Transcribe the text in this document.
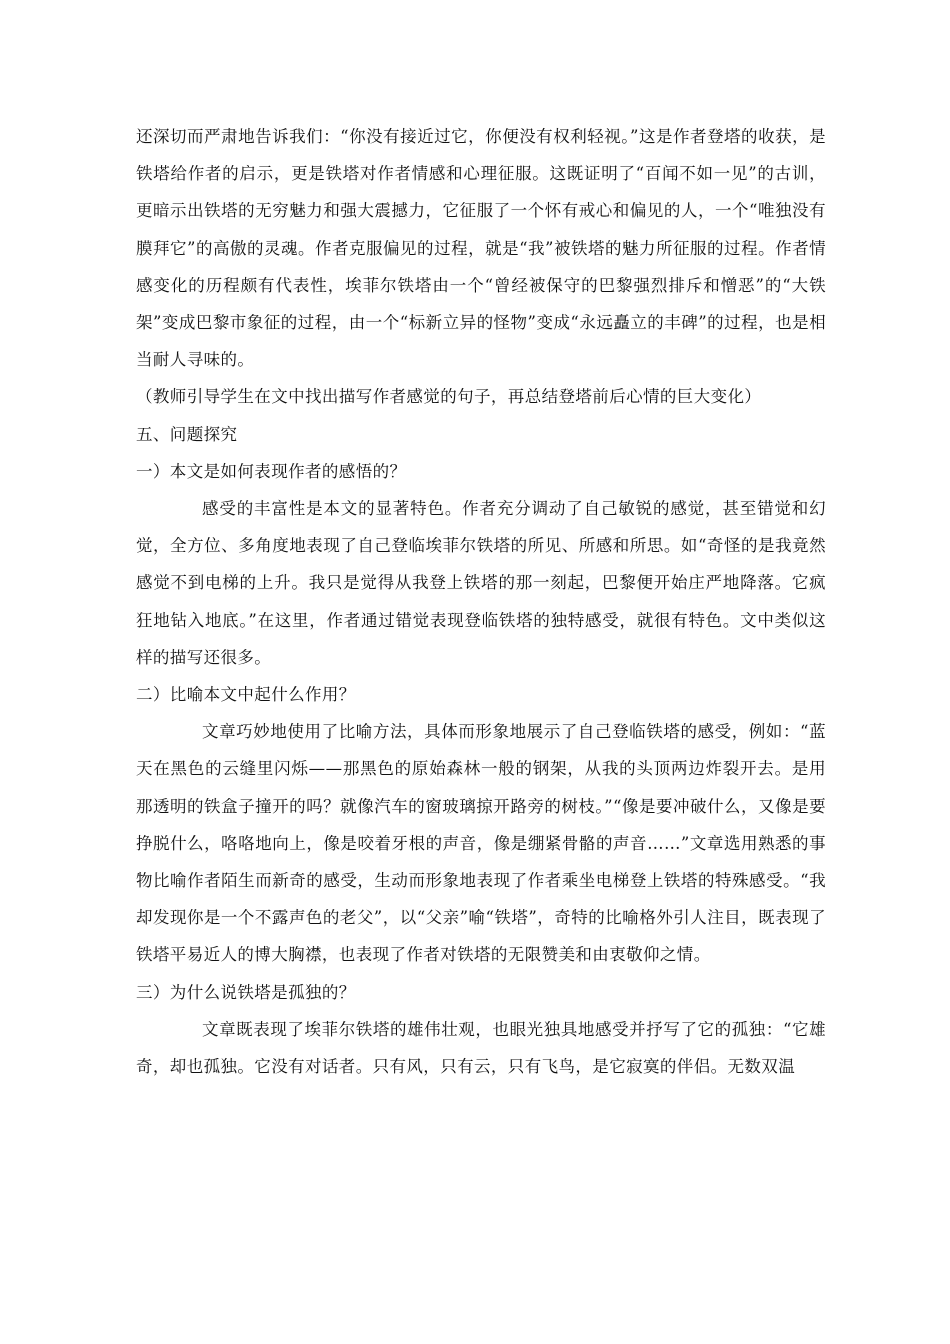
还深切而严肃地告诉我们：“你没有接近过它，你便没有权利轻视。”这是作者登塔的收获，是铁塔给作者的启示，更是铁塔对作者情感和心理征服。这既证明了“百闻不如一见”的古训，更暗示出铁塔的无穷魅力和强大震撼力，它征服了一个怀有戒心和偏见的人，一个“唯独没有膜拜它”的高傲的灵魂。作者克服偏见的过程，就是“我”被铁塔的魅力所征服的过程。作者情感变化的历程颇有代表性，埃菲尔铁塔由一个“曾经被保守的巴黎强烈排斥和憎恶”的“大铁架”变成巴黎市象征的过程，由一个“标新立异的怪物”变成“永远矗立的丰碑”的过程，也是相当耐人寻味的。

（教师引导学生在文中找出描写作者感觉的句子，再总结登塔前后心情的巨大变化）

五、问题探究

一）本文是如何表现作者的感悟的？

感受的丰富性是本文的显著特色。作者充分调动了自己敏锐的感觉，甚至错觉和幻觉，全方位、多角度地表现了自己登临埃菲尔铁塔的所见、所感和所思。如“奇怪的是我竟然感觉不到电梯的上升。我只是觉得从我登上铁塔的那一刻起，巴黎便开始庄严地降落。它疯狂地钻入地底。”在这里，作者通过错觉表现登临铁塔的独特感受，就很有特色。文中类似这样的描写还很多。

二）比喻本文中起什么作用？

文章巧妙地使用了比喻方法，具体而形象地展示了自己登临铁塔的感受，例如：“蓝天在黑色的云缝里闪烁——那黑色的原始森林一般的钢架，从我的头顶两边炸裂开去。是用那透明的铁盒子撞开的吗？就像汽车的窗玻璃掠开路旁的树枝。”“像是要冲破什么，又像是要挣脱什么，咯咯地向上，像是咬着牙根的声音，像是绷紧骨骼的声音……”文章选用熟悉的事物比喻作者陌生而新奇的感受，生动而形象地表现了作者乘坐电梯登上铁塔的特殊感受。“我却发现你是一个不露声色的老父”，以“父亲”喻“铁塔”，奇特的比喻格外引人注目，既表现了铁塔平易近人的博大胸襟，也表现了作者对铁塔的无限赞美和由衷敬仰之情。

三）为什么说铁塔是孤独的？

文章既表现了埃菲尔铁塔的雄伟壮观，也眼光独具地感受并抒写了它的孤独：“它雄奇，却也孤独。它没有对话者。只有风，只有云，只有飞鸟，是它寂寞的伴侣。无数双温
